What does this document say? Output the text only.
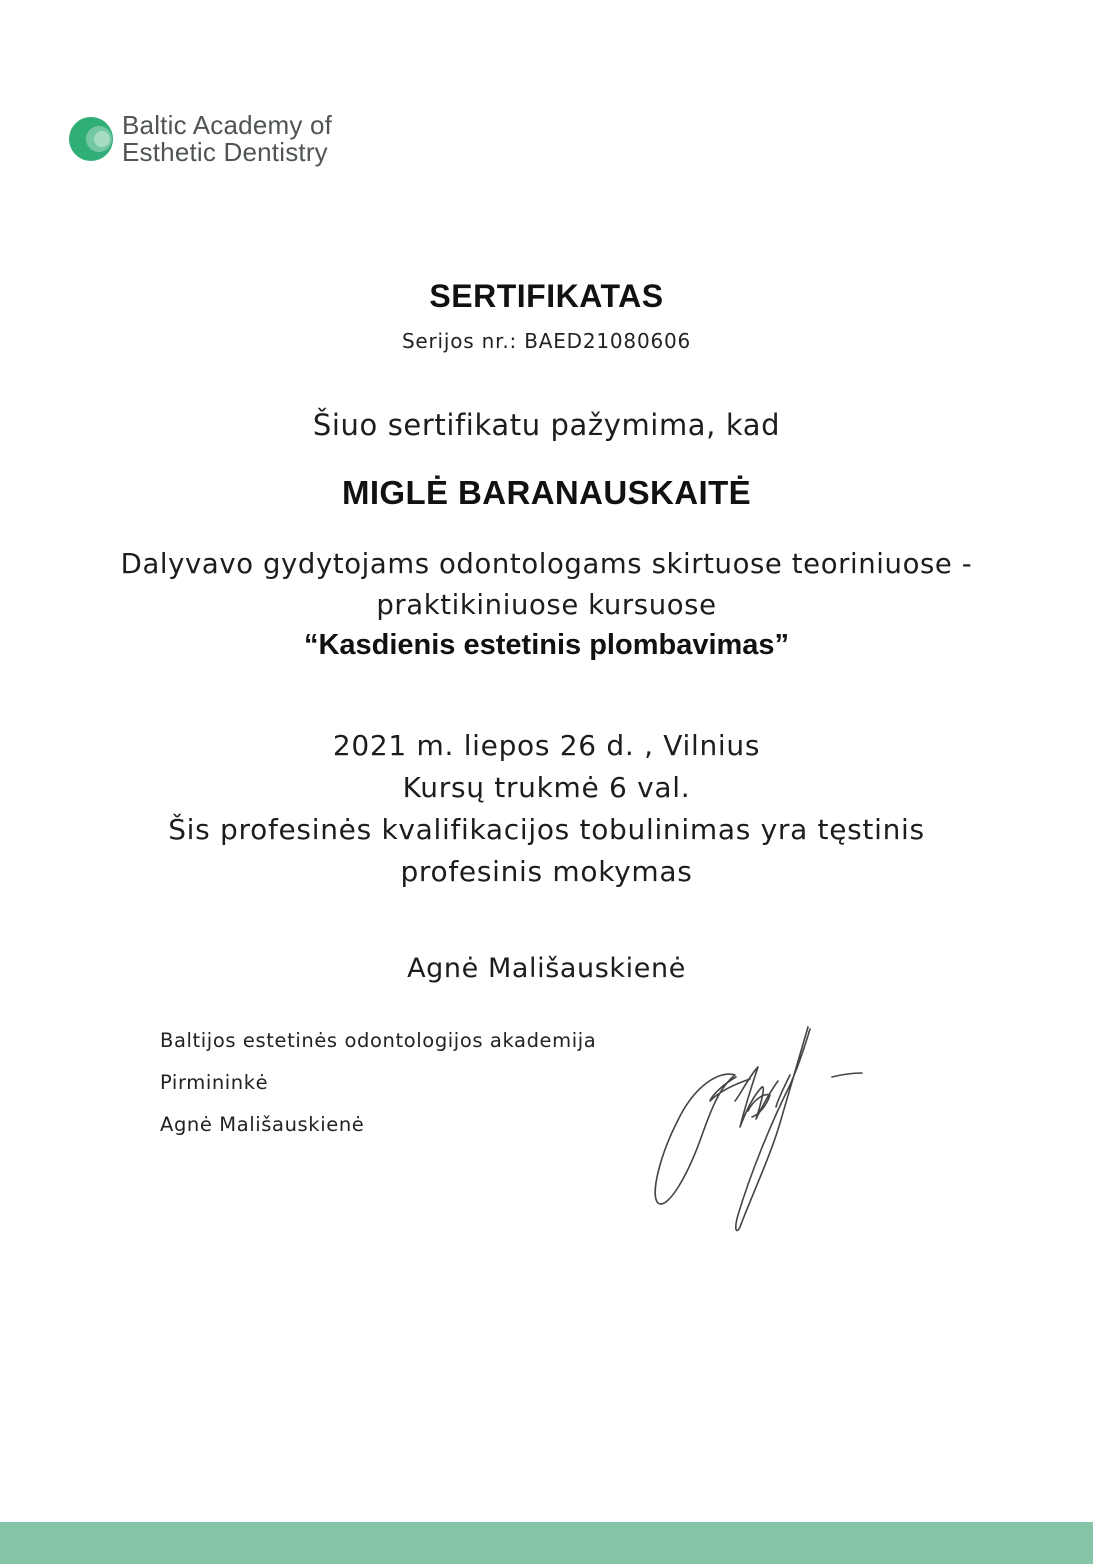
Baltic Academy of
Esthetic Dentistry
SERTIFIKATAS
Serijos nr.: BAED21080606
Šiuo sertifikatu pažymima, kad
MIGLĖ BARANAUSKAITĖ
Dalyvavo gydytojams odontologams skirtuose teoriniuose -
praktikiniuose kursuose
“Kasdienis estetinis plombavimas”
2021 m. liepos 26 d. , Vilnius
Kursų trukmė 6 val.
Šis profesinės kvalifikacijos tobulinimas yra tęstinis
profesinis mokymas
Agnė Mališauskienė
Baltijos estetinės odontologijos akademija
Pirmininkė
Agnė Mališauskienė
